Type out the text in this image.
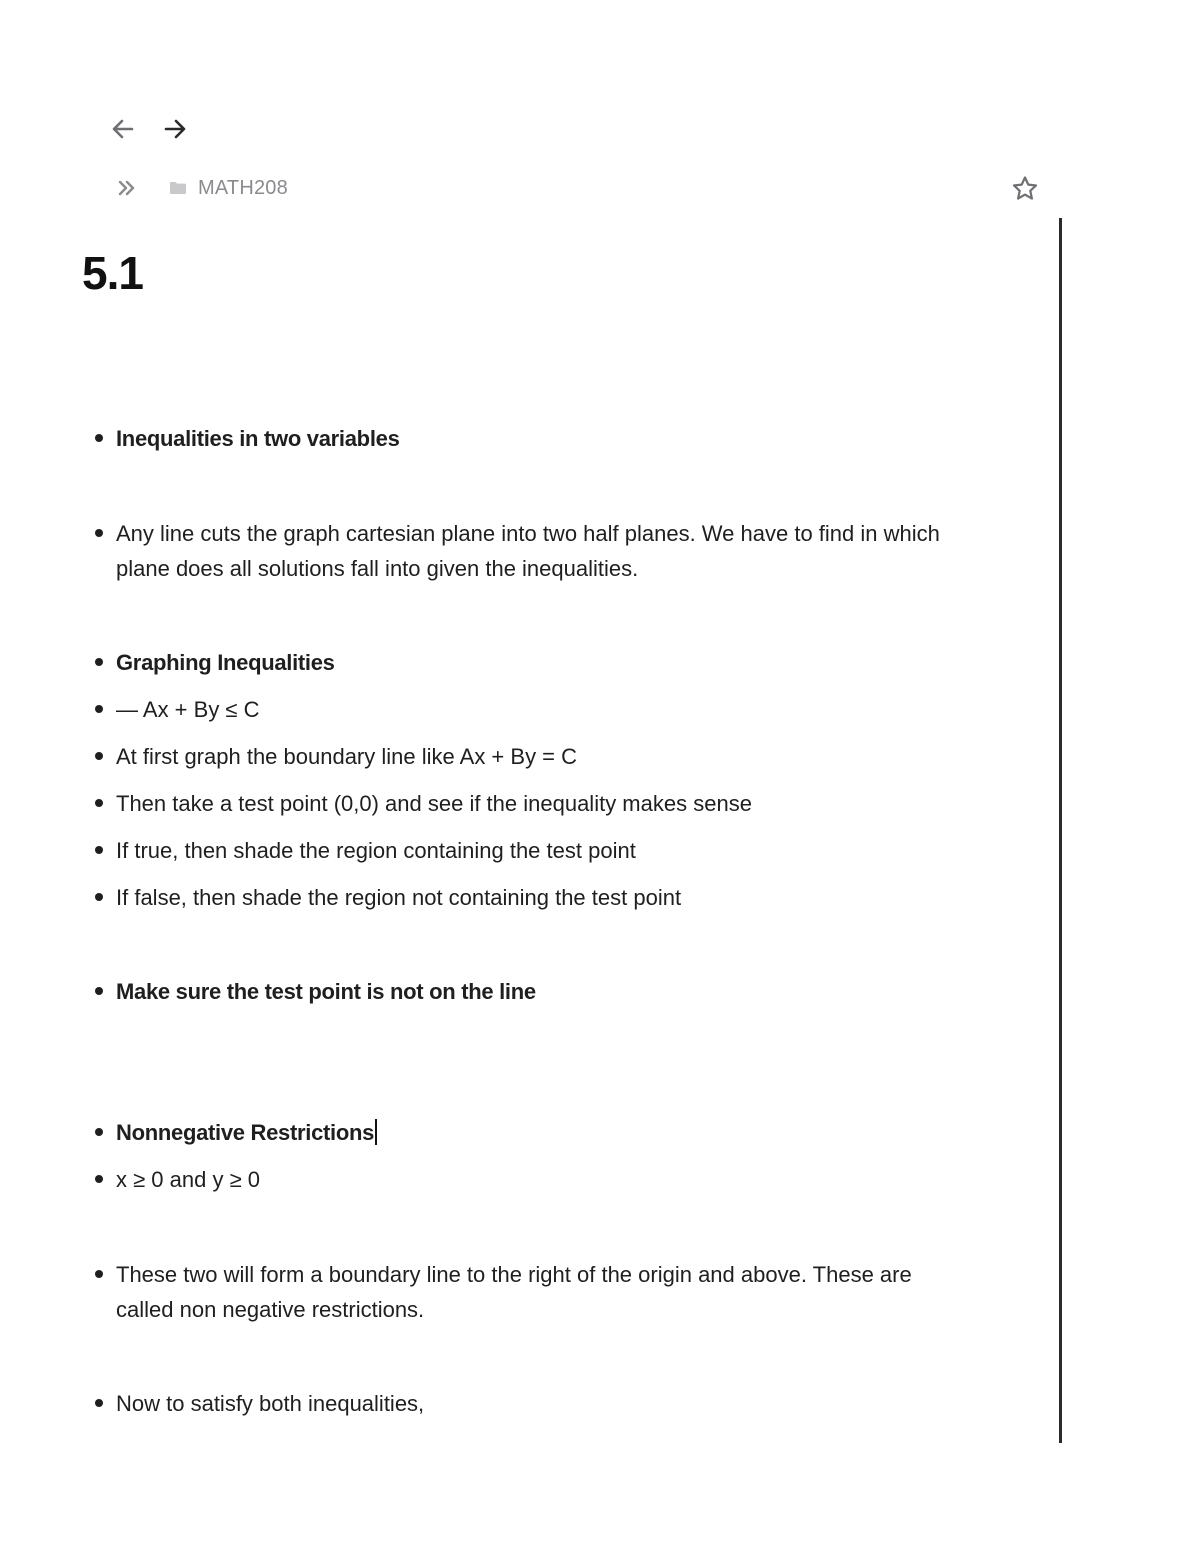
MATH208
5.1
Inequalities in two variables
Any line cuts the graph cartesian plane into two half planes. We have to find in which plane does all solutions fall into given the inequalities.
Graphing Inequalities
— Ax + By ≤ C
At first graph the boundary line like Ax + By = C
Then take a test point (0,0) and see if the inequality makes sense
If true, then shade the region containing the test point
If false, then shade the region not containing the test point
Make sure the test point is not on the line
Nonnegative Restrictions
x ≥ 0 and y ≥ 0
These two will form a boundary line to the right of the origin and above. These are called non negative restrictions.
Now to satisfy both inequalities,
